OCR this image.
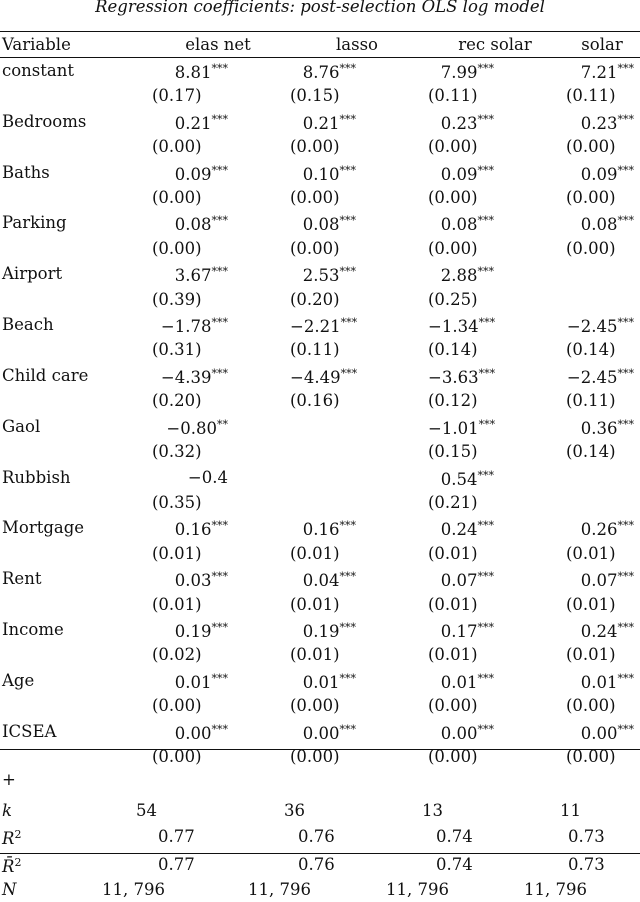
Regression coefficients: post-selection OLS log model
Variable	elas net	lasso	rec solar	solar
constant	8.81***	8.76***	7.99***	7.21***
	(0.17)	(0.15)	(0.11)	(0.11)
Bedrooms	0.21***	0.21***	0.23***	0.23***
	(0.00)	(0.00)	(0.00)	(0.00)
Baths	0.09***	0.10***	0.09***	0.09***
	(0.00)	(0.00)	(0.00)	(0.00)
Parking	0.08***	0.08***	0.08***	0.08***
	(0.00)	(0.00)	(0.00)	(0.00)
Airport	3.67***	2.53***	2.88***	
	(0.39)	(0.20)	(0.25)	
Beach	−1.78***	−2.21***	−1.34***	−2.45***
	(0.31)	(0.11)	(0.14)	(0.14)
Child care	−4.39***	−4.49***	−3.63***	−2.45***
	(0.20)	(0.16)	(0.12)	(0.11)
Gaol	−0.80**		−1.01***	0.36***
	(0.32)		(0.15)	(0.14)
Rubbish	−0.4		0.54***	
	(0.35)		(0.21)	
Mortgage	0.16***	0.16***	0.24***	0.26***
	(0.01)	(0.01)	(0.01)	(0.01)
Rent	0.03***	0.04***	0.07***	0.07***
	(0.01)	(0.01)	(0.01)	(0.01)
Income	0.19***	0.19***	0.17***	0.24***
	(0.02)	(0.01)	(0.01)	(0.01)
Age	0.01***	0.01***	0.01***	0.01***
	(0.00)	(0.00)	(0.00)	(0.00)
ICSEA	0.00***	0.00***	0.00***	0.00***
	(0.00)	(0.00)	(0.00)	(0.00)
+

k	54	36	13	11
$R^2$	0.77	0.76	0.74	0.73
R̄$^2$	0.77	0.76	0.74	0.73
N	11, 796	11, 796	11, 796	11, 796
